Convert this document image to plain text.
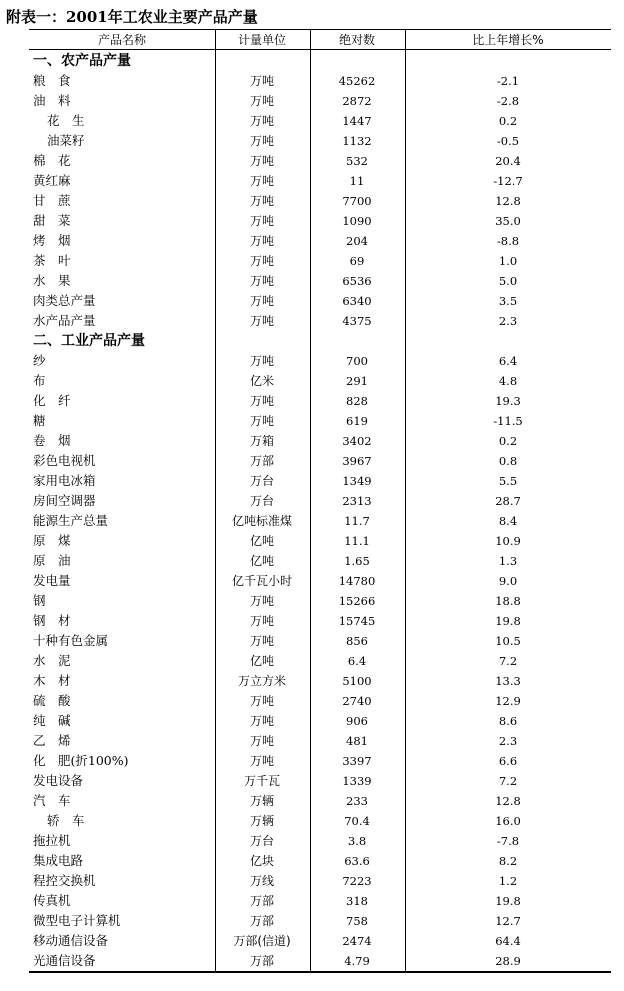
附表一：2001年工农业主要产品产量
产品名称	计量单位	绝对数	比上年增长%
一、农产品产量
粮　食	万吨	45262	-2.1
油　料	万吨	2872	-2.8
花　生	万吨	1447	0.2
油菜籽	万吨	1132	-0.5
棉　花	万吨	532	20.4
黄红麻	万吨	11	-12.7
甘　蔗	万吨	7700	12.8
甜　菜	万吨	1090	35.0
烤　烟	万吨	204	-8.8
茶　叶	万吨	69	1.0
水　果	万吨	6536	5.0
肉类总产量	万吨	6340	3.5
水产品产量	万吨	4375	2.3
二、工业产品产量
纱	万吨	700	6.4
布	亿米	291	4.8
化　纤	万吨	828	19.3
糖	万吨	619	-11.5
卷　烟	万箱	3402	0.2
彩色电视机	万部	3967	0.8
家用电冰箱	万台	1349	5.5
房间空调器	万台	2313	28.7
能源生产总量	亿吨标准煤	11.7	8.4
原　煤	亿吨	11.1	10.9
原　油	亿吨	1.65	1.3
发电量	亿千瓦小时	14780	9.0
钢	万吨	15266	18.8
钢　材	万吨	15745	19.8
十种有色金属	万吨	856	10.5
水　泥	亿吨	6.4	7.2
木　材	万立方米	5100	13.3
硫　酸	万吨	2740	12.9
纯　碱	万吨	906	8.6
乙　烯	万吨	481	2.3
化　肥(折100%)	万吨	3397	6.6
发电设备	万千瓦	1339	7.2
汽　车	万辆	233	12.8
轿　车	万辆	70.4	16.0
拖拉机	万台	3.8	-7.8
集成电路	亿块	63.6	8.2
程控交换机	万线	7223	1.2
传真机	万部	318	19.8
微型电子计算机	万部	758	12.7
移动通信设备	万部(信道)	2474	64.4
光通信设备	万部	4.79	28.9
